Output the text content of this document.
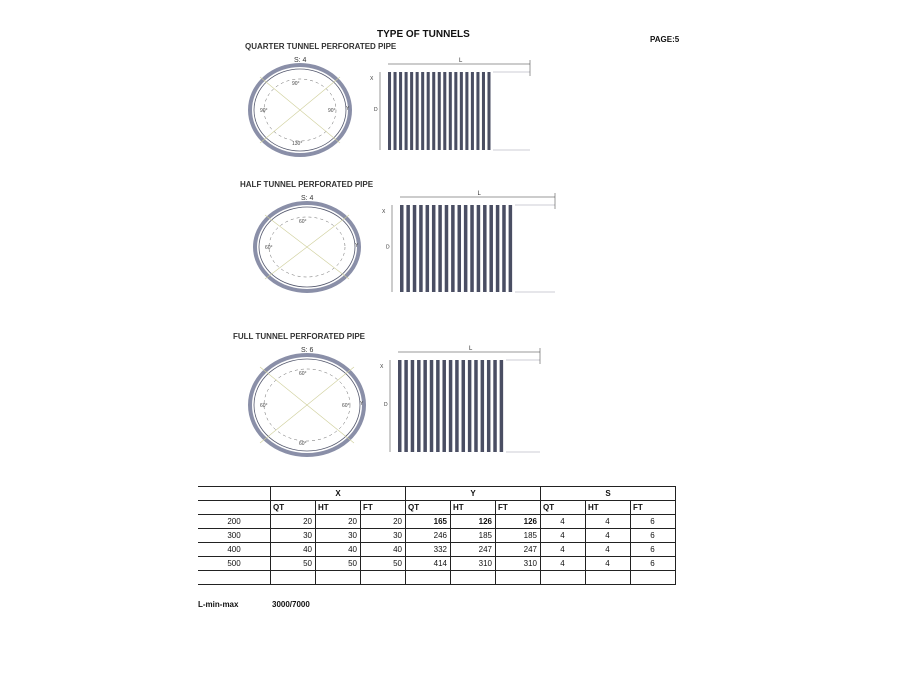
TYPE OF TUNNELS	PAGE:5
QUARTER TUNNEL PERFORATED PIPE
HALF TUNNEL PERFORATED PIPE
FULL TUNNEL PERFORATED PIPE
S: 4
90°
90°	90°
130°
Y
L
D
X
S: 4
60°
60°	Y
L
D
X
S: 6
60°
60°	60°
60°
Y
L
D
X
	X			Y			S		
	QT	HT	FT	QT	HT	FT	QT	HT	FT
200	20	20	20	165	126	126	4	4	6
300	30	30	30	246	185	185	4	4	6
400	40	40	40	332	247	247	4	4	6
500	50	50	50	414	310	310	4	4	6

L-min-max	3000/7000
